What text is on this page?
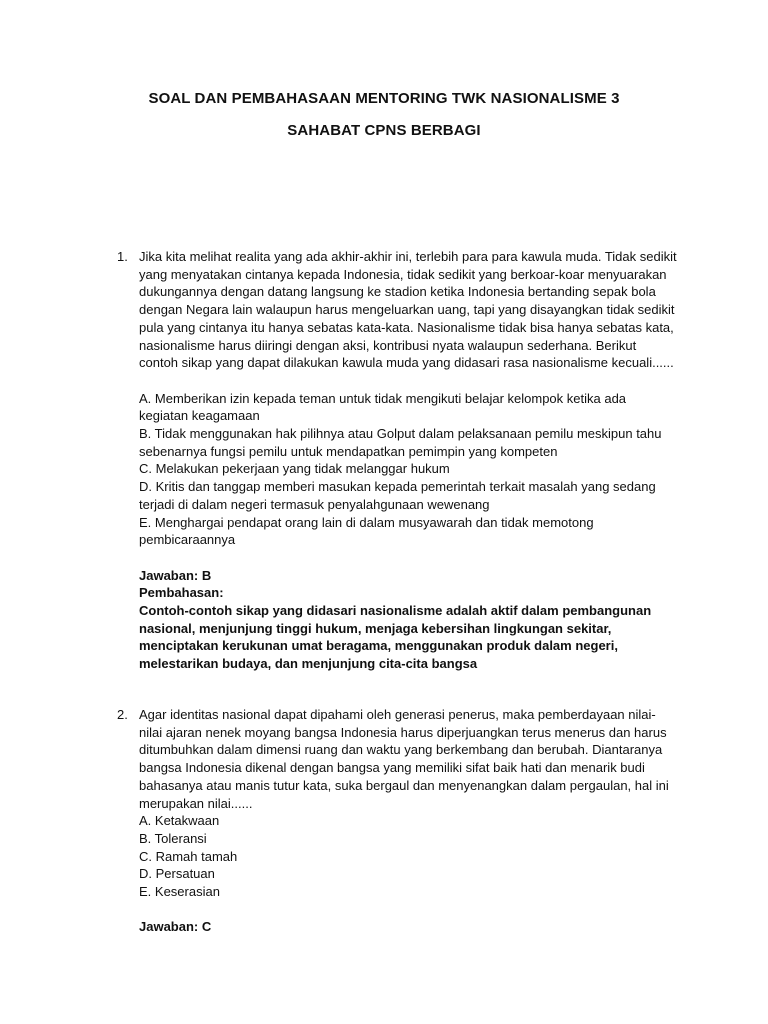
SOAL DAN PEMBAHASAAN MENTORING TWK NASIONALISME 3
SAHABAT CPNS BERBAGI
1. Jika kita melihat realita yang ada akhir-akhir ini, terlebih para para kawula muda. Tidak sedikit yang menyatakan cintanya kepada Indonesia, tidak sedikit yang berkoar-koar menyuarakan dukungannya dengan datang langsung ke stadion ketika Indonesia bertanding sepak bola dengan Negara lain walaupun harus mengeluarkan uang, tapi yang disayangkan tidak sedikit pula yang cintanya itu hanya sebatas kata-kata. Nasionalisme tidak bisa hanya sebatas kata, nasionalisme harus diiringi dengan aksi, kontribusi nyata walaupun sederhana. Berikut contoh sikap yang dapat dilakukan kawula muda yang didasari rasa nasionalisme kecuali......

A. Memberikan izin kepada teman untuk tidak mengikuti belajar kelompok ketika ada kegiatan keagamaan

B. Tidak menggunakan hak pilihnya atau Golput dalam pelaksanaan pemilu meskipun tahu sebenarnya fungsi pemilu untuk mendapatkan pemimpin yang kompeten

C. Melakukan pekerjaan yang tidak melanggar hukum

D. Kritis dan tanggap memberi masukan kepada pemerintah terkait masalah yang sedang terjadi di dalam negeri termasuk penyalahgunaan wewenang

E. Menghargai pendapat orang lain di dalam musyawarah dan tidak memotong pembicaraannya

Jawaban: B

Pembahasan:

Contoh-contoh sikap yang didasari nasionalisme adalah aktif dalam pembangunan nasional, menjunjung tinggi hukum, menjaga kebersihan lingkungan sekitar, menciptakan kerukunan umat beragama, menggunakan produk dalam negeri, melestarikan budaya, dan menjunjung cita-cita bangsa

2. Agar identitas nasional dapat dipahami oleh generasi penerus, maka pemberdayaan nilai-nilai ajaran nenek moyang bangsa Indonesia harus diperjuangkan terus menerus dan harus ditumbuhkan dalam dimensi ruang dan waktu yang berkembang dan berubah. Diantaranya bangsa Indonesia dikenal dengan bangsa yang memiliki sifat baik hati dan menarik budi bahasanya atau manis tutur kata, suka bergaul dan menyenangkan dalam pergaulan, hal ini merupakan nilai......

A. Ketakwaan

B. Toleransi

C. Ramah tamah

D. Persatuan

E. Keserasian

Jawaban: C
